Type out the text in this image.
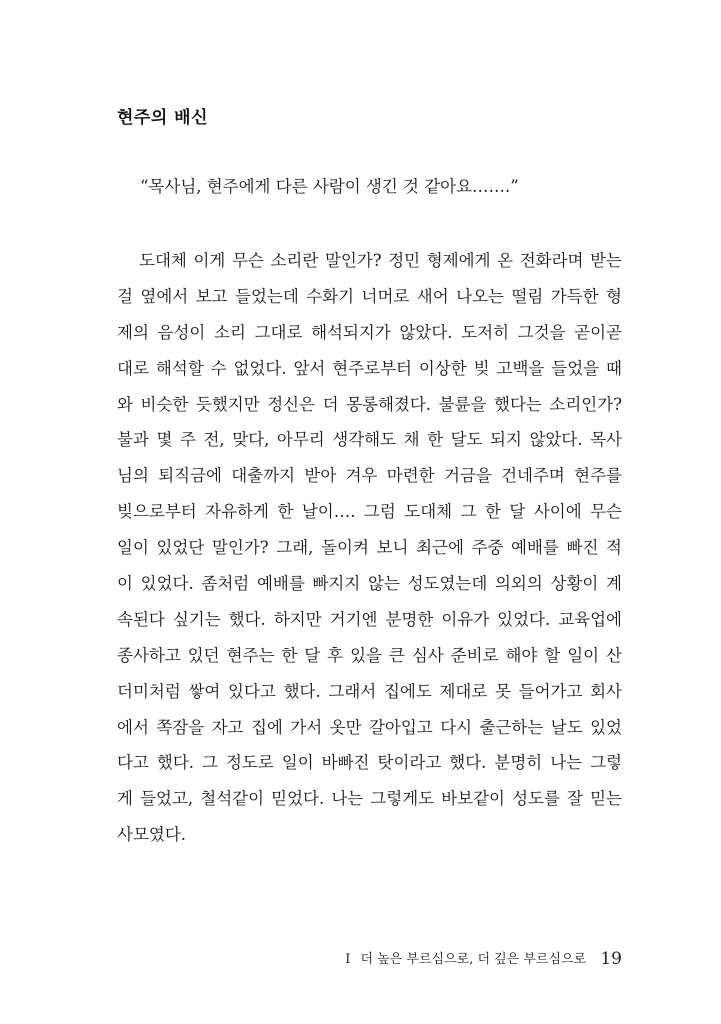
현주의 배신
“목사님, 현주에게 다른 사람이 생긴 것 같아요…….”
도대체 이게 무슨 소리란 말인가? 정민 형제에게 온 전화라며 받는
걸 옆에서 보고 들었는데 수화기 너머로 새어 나오는 떨림 가득한 형
제의 음성이 소리 그대로 해석되지가 않았다. 도저히 그것을 곧이곧
대로 해석할 수 없었다. 앞서 현주로부터 이상한 빚 고백을 들었을 때
와 비슷한 듯했지만 정신은 더 몽롱해졌다. 불륜을 했다는 소리인가?
불과 몇 주 전, 맞다, 아무리 생각해도 채 한 달도 되지 않았다. 목사
님의 퇴직금에 대출까지 받아 겨우 마련한 거금을 건네주며 현주를
빚으로부터 자유하게 한 날이…. 그럼 도대체 그 한 달 사이에 무슨
일이 있었단 말인가? 그래, 돌이켜 보니 최근에 주중 예배를 빠진 적
이 있었다. 좀처럼 예배를 빠지지 않는 성도였는데 의외의 상황이 계
속된다 싶기는 했다. 하지만 거기엔 분명한 이유가 있었다. 교육업에
종사하고 있던 현주는 한 달 후 있을 큰 심사 준비로 해야 할 일이 산
더미처럼 쌓여 있다고 했다. 그래서 집에도 제대로 못 들어가고 회사
에서 쪽잠을 자고 집에 가서 옷만 갈아입고 다시 출근하는 날도 있었
다고 했다. 그 정도로 일이 바빠진 탓이라고 했다. 분명히 나는 그렇
게 들었고, 철석같이 믿었다. 나는 그렇게도 바보같이 성도를 잘 믿는
사모였다.
I 더 높은 부르심으로, 더 깊은 부르심으로 19
